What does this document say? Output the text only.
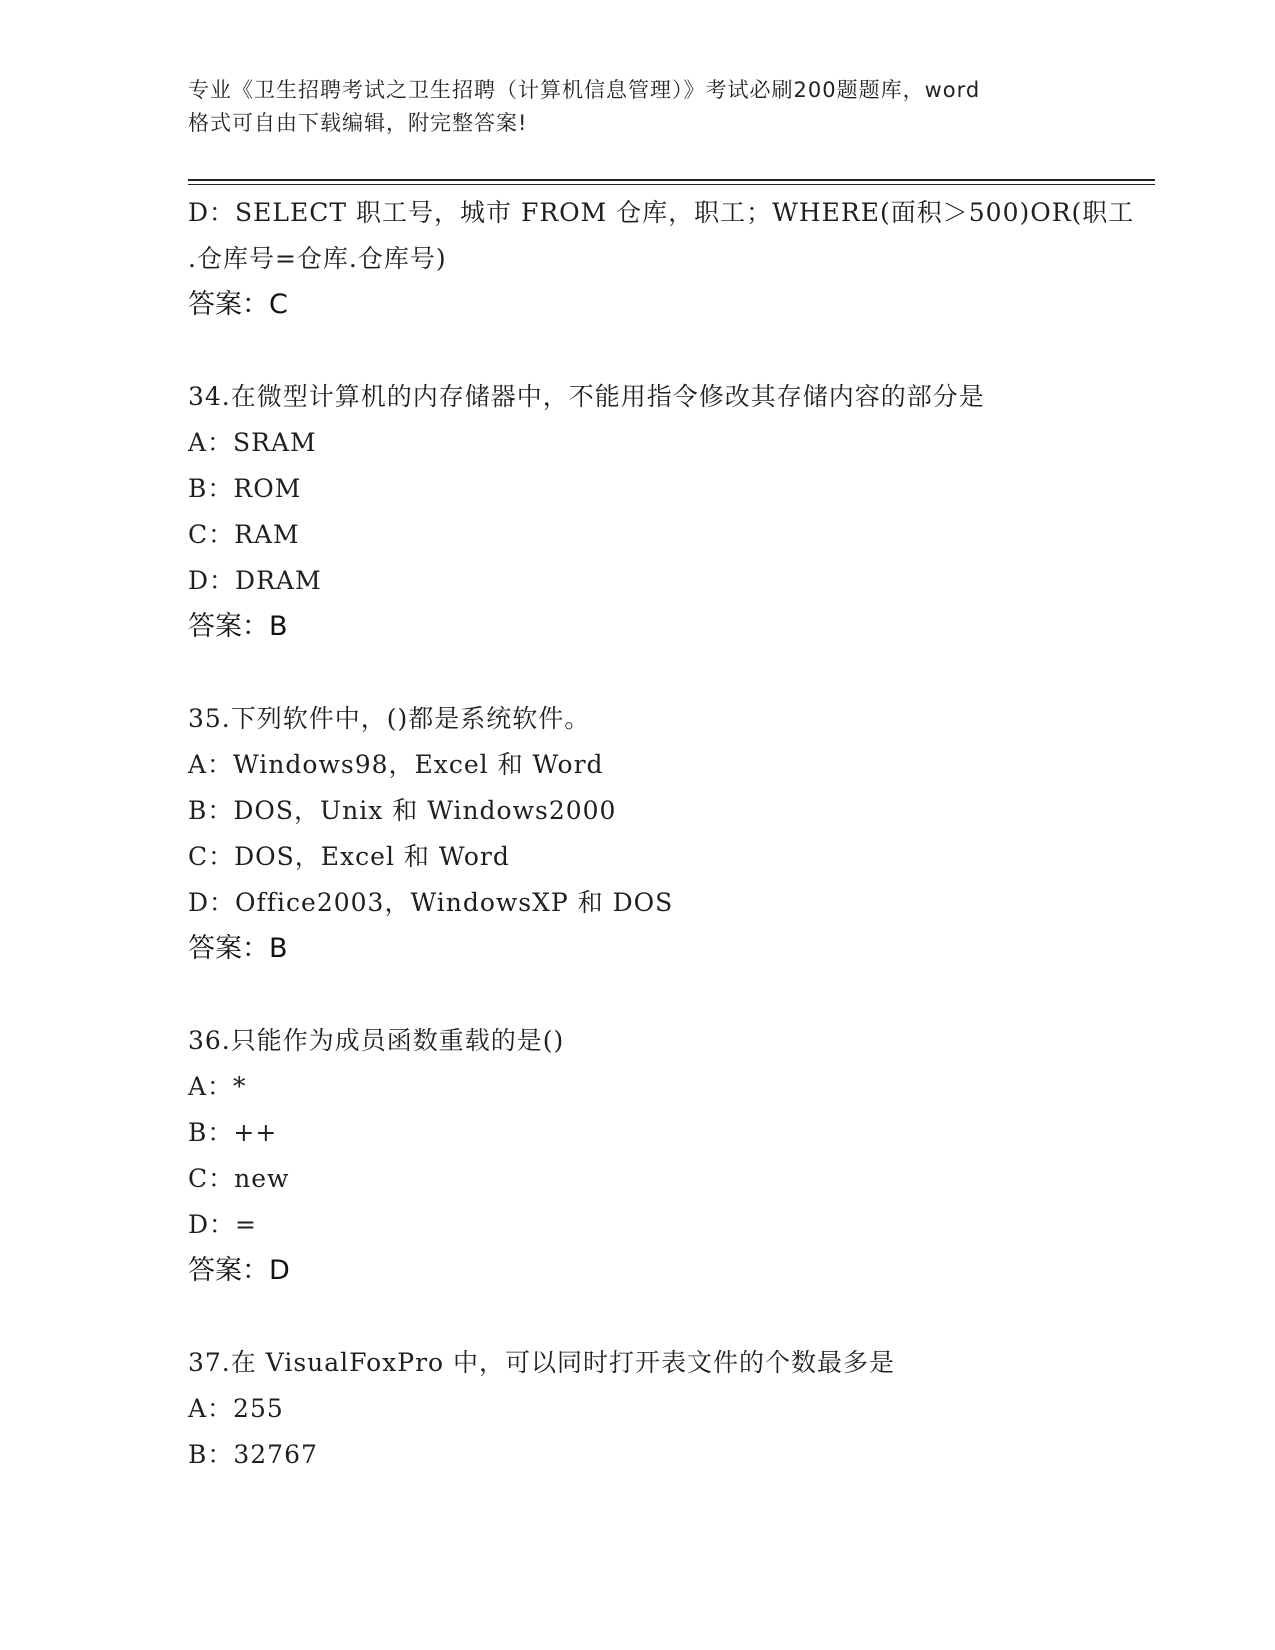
专业《卫生招聘考试之卫生招聘（计算机信息管理）》考试必刷200题题库，word
格式可自由下载编辑，附完整答案!
D：SELECT 职工号，城市 FROM 仓库，职工；WHERE(面积＞500)OR(职工
.仓库号=仓库.仓库号)
答案：C
34.在微型计算机的内存储器中，不能用指令修改其存储内容的部分是
A：SRAM
B：ROM
C：RAM
D：DRAM
答案：B
35.下列软件中，()都是系统软件。
A：Windows98，Excel 和 Word
B：DOS，Unix 和 Windows2000
C：DOS，Excel 和 Word
D：Office2003，WindowsXP 和 DOS
答案：B
36.只能作为成员函数重载的是()
A：*
B：++
C：new
D：=
答案：D
37.在 VisualFoxPro 中，可以同时打开表文件的个数最多是
A：255
B：32767
